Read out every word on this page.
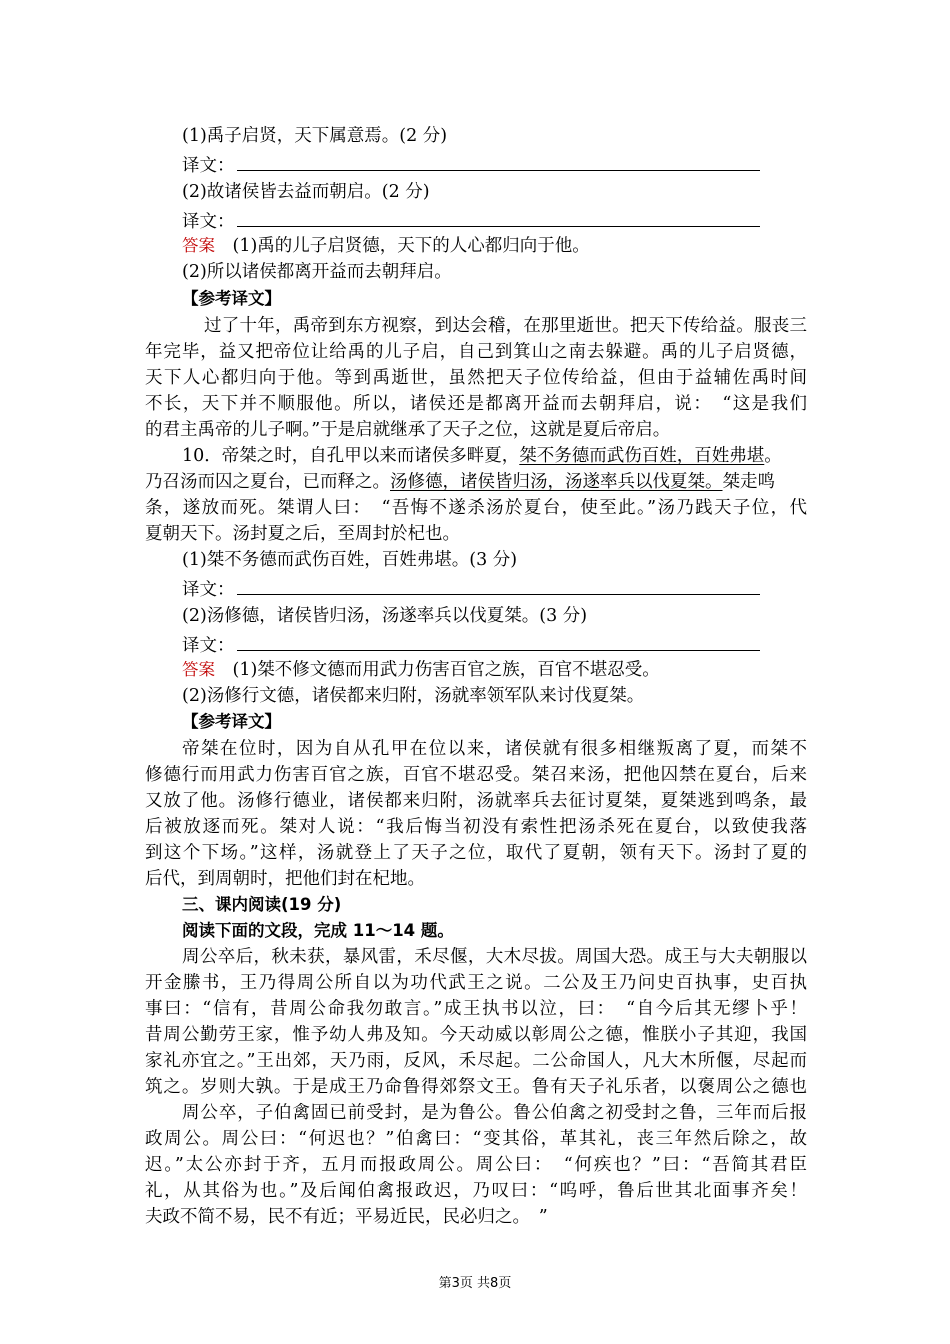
(1)禹子启贤，天下属意焉。(2 分)
译文：
(2)故诸侯皆去益而朝启。(2 分)
译文：
答案　(1)禹的儿子启贤德，天下的人心都归向于他。
(2)所以诸侯都离开益而去朝拜启。
【参考译文】
过了十年，禹帝到东方视察，到达会稽，在那里逝世。把天下传给益。服丧三
年完毕，益又把帝位让给禹的儿子启，自己到箕山之南去躲避。禹的儿子启贤德，
天下人心都归向于他。等到禹逝世，虽然把天子位传给益，但由于益辅佐禹时间
不长，天下并不顺服他。所以，诸侯还是都离开益而去朝拜启，说：　“这是我们
的君主禹帝的儿子啊。”于是启就继承了天子之位，这就是夏后帝启。
10．帝桀之时，自孔甲以来而诸侯多畔夏，桀不务德而武伤百姓，百姓弗堪。
乃召汤而囚之夏台，已而释之。汤修德，诸侯皆归汤，汤遂率兵以伐夏桀。桀走鸣
条，遂放而死。桀谓人曰：　“吾悔不遂杀汤於夏台，使至此。”汤乃践天子位，代
夏朝天下。汤封夏之后，至周封於杞也。
(1)桀不务德而武伤百姓，百姓弗堪。(3 分)
译文：
(2)汤修德，诸侯皆归汤，汤遂率兵以伐夏桀。(3 分)
译文：
答案　(1)桀不修文德而用武力伤害百官之族，百官不堪忍受。
(2)汤修行文德，诸侯都来归附，汤就率领军队来讨伐夏桀。
【参考译文】
帝桀在位时，因为自从孔甲在位以来，诸侯就有很多相继叛离了夏，而桀不
修德行而用武力伤害百官之族，百官不堪忍受。桀召来汤，把他囚禁在夏台，后来
又放了他。汤修行德业，诸侯都来归附，汤就率兵去征讨夏桀，夏桀逃到鸣条，最
后被放逐而死。桀对人说：“我后悔当初没有索性把汤杀死在夏台，以致使我落
到这个下场。”这样，汤就登上了天子之位，取代了夏朝，领有天下。汤封了夏的
后代，到周朝时，把他们封在杞地。
三、课内阅读(19 分)
阅读下面的文段，完成 11～14 题。
周公卒后，秋未获，暴风雷，禾尽偃，大木尽拔。周国大恐。成王与大夫朝服以
开金縢书，王乃得周公所自以为功代武王之说。二公及王乃问史百执事，史百执
事曰：“信有，昔周公命我勿敢言。”成王执书以泣，曰：　“自今后其无缪卜乎！
昔周公勤劳王家，惟予幼人弗及知。今天动威以彰周公之德，惟朕小子其迎，我国
家礼亦宜之。”王出郊，天乃雨，反风，禾尽起。二公命国人，凡大木所偃，尽起而
筑之。岁则大孰。于是成王乃命鲁得郊祭文王。鲁有天子礼乐者，以褒周公之德也
周公卒，子伯禽固已前受封，是为鲁公。鲁公伯禽之初受封之鲁，三年而后报
政周公。周公曰：“何迟也？”伯禽曰：“变其俗，革其礼，丧三年然后除之，故
迟。”太公亦封于齐，五月而报政周公。周公曰：　“何疾也？”曰：“吾简其君臣
礼，从其俗为也。”及后闻伯禽报政迟，乃叹曰：“呜呼，鲁后世其北面事齐矣！
夫政不简不易，民不有近；平易近民，民必归之。　”
第3页 共8页
